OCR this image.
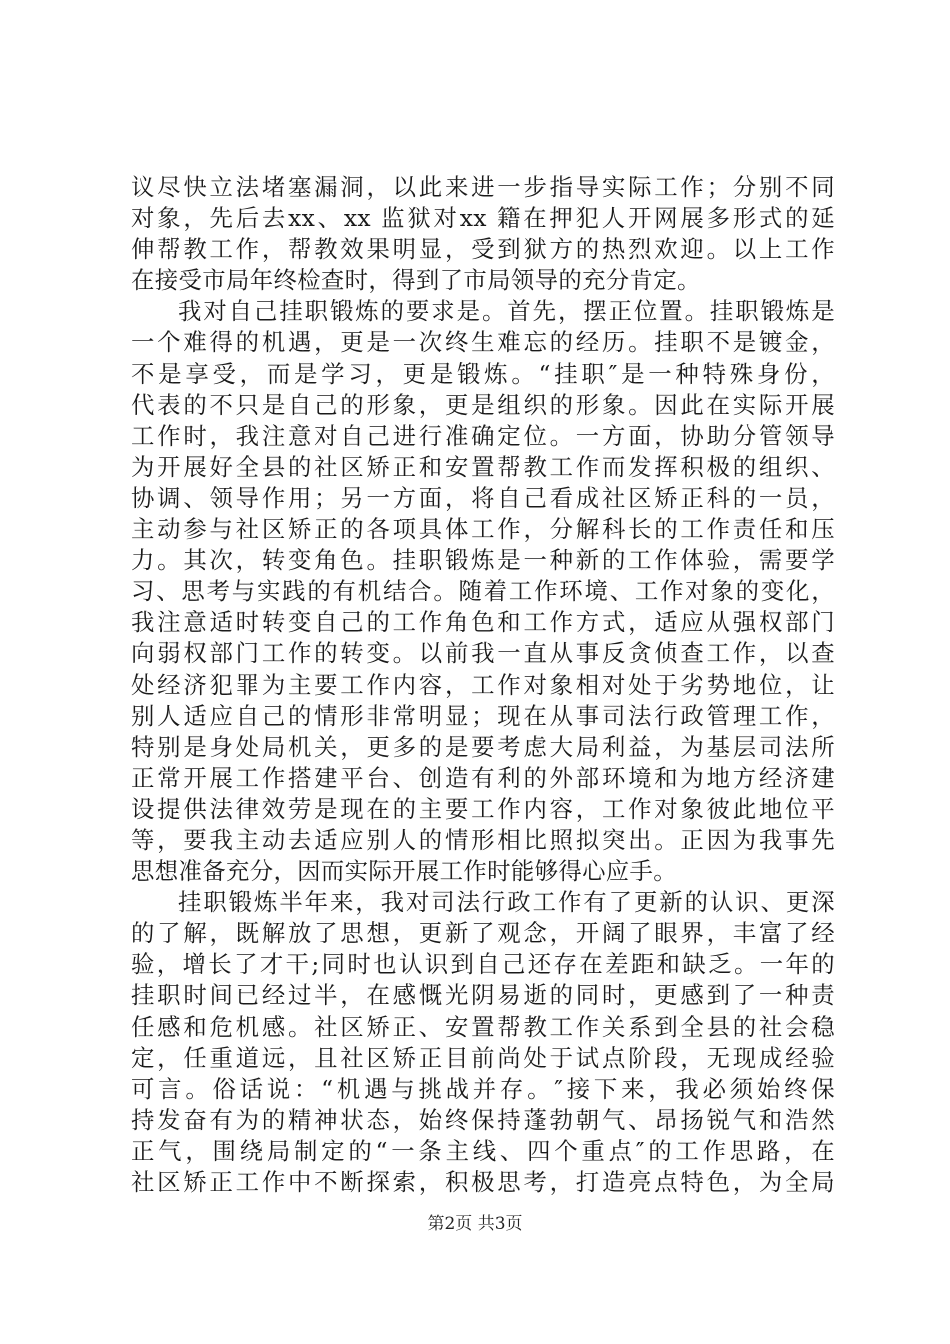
议尽快立法堵塞漏洞，以此来进一步指导实际工作；分别不同
对象，先后去xx、xx 监狱对xx 籍在押犯人开网展多形式的延
伸帮教工作，帮教效果明显，受到狱方的热烈欢迎。以上工作
在接受市局年终检查时，得到了市局领导的充分肯定。
我对自己挂职锻炼的要求是。首先，摆正位置。挂职锻炼是
一个难得的机遇，更是一次终生难忘的经历。挂职不是镀金，
不是享受，而是学习，更是锻炼。“挂职″是一种特殊身份，
代表的不只是自己的形象，更是组织的形象。因此在实际开展
工作时，我注意对自己进行准确定位。一方面，协助分管领导
为开展好全县的社区矫正和安置帮教工作而发挥积极的组织、
协调、领导作用；另一方面，将自己看成社区矫正科的一员，
主动参与社区矫正的各项具体工作，分解科长的工作责任和压
力。其次，转变角色。挂职锻炼是一种新的工作体验，需要学
习、思考与实践的有机结合。随着工作环境、工作对象的变化，
我注意适时转变自己的工作角色和工作方式，适应从强权部门
向弱权部门工作的转变。以前我一直从事反贪侦查工作，以查
处经济犯罪为主要工作内容，工作对象相对处于劣势地位，让
别人适应自己的情形非常明显；现在从事司法行政管理工作，
特别是身处局机关，更多的是要考虑大局利益，为基层司法所
正常开展工作搭建平台、创造有利的外部环境和为地方经济建
设提供法律效劳是现在的主要工作内容，工作对象彼此地位平
等，要我主动去适应别人的情形相比照拟突出。正因为我事先
思想准备充分，因而实际开展工作时能够得心应手。
挂职锻炼半年来，我对司法行政工作有了更新的认识、更深
的了解，既解放了思想，更新了观念，开阔了眼界，丰富了经
验，增长了才干;同时也认识到自己还存在差距和缺乏。一年的
挂职时间已经过半，在感慨光阴易逝的同时，更感到了一种责
任感和危机感。社区矫正、安置帮教工作关系到全县的社会稳
定，任重道远，且社区矫正目前尚处于试点阶段，无现成经验
可言。俗话说：“机遇与挑战并存。″接下来，我必须始终保
持发奋有为的精神状态，始终保持蓬勃朝气、昂扬锐气和浩然
正气，围绕局制定的“一条主线、四个重点″的工作思路，在
社区矫正工作中不断探索，积极思考，打造亮点特色，为全局
第2页 共3页
